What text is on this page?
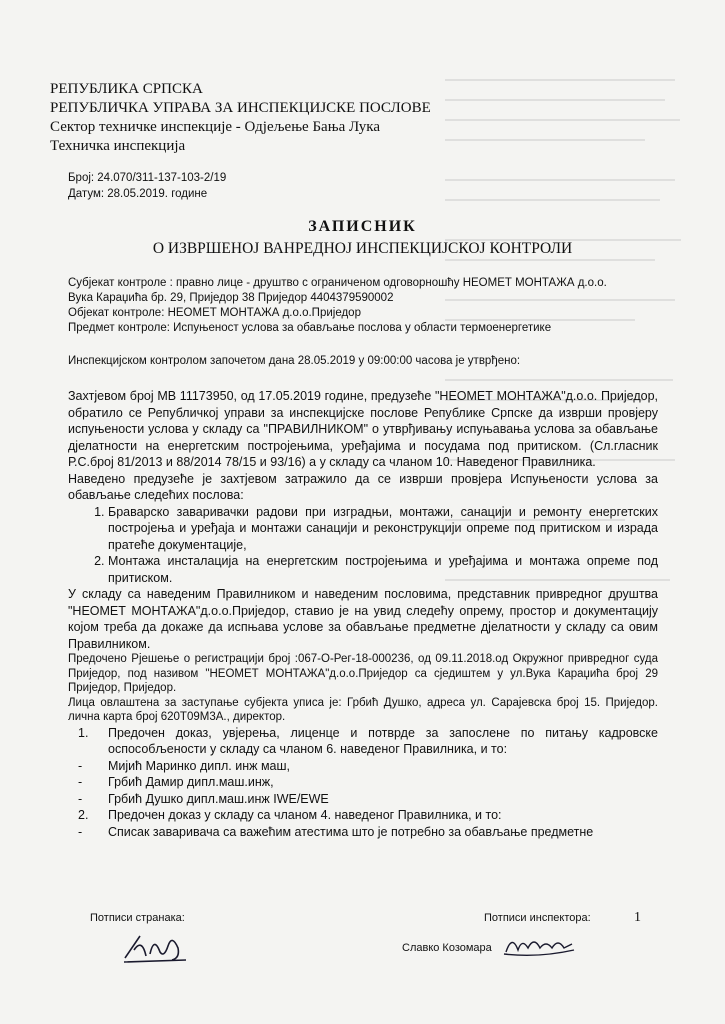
РЕПУБЛИКА СРПСКА
РЕПУБЛИЧКА УПРАВА ЗА ИНСПЕКЦИЈСКЕ ПОСЛОВЕ
Сектор техничке инспекције - Одјељење Бања Лука
Техничка инспекција
Број: 24.070/311-137-103-2/19
Датум: 28.05.2019. године
ЗАПИСНИК
О ИЗВРШЕНОЈ ВАНРЕДНОЈ ИНСПЕКЦИЈСКОЈ КОНТРОЛИ
Субјекат контроле : правно лице - друштво с ограниченом одговорношћу НЕОМЕТ МОНТАЖА д.о.о.
Вука Караџића бр. 29, Приједор 38 Приједор 4404379590002
Објекат контроле: НЕОМЕТ МОНТАЖА д.о.о.Приједор
Предмет контроле: Испуњеност услова за обављање послова у области термоенергетике
Инспекцијском контролом започетом дана 28.05.2019 у 09:00:00 часова је утврђено:

Захтјевом број МВ 11173950, од 17.05.2019 године, предузеће "НЕОМЕТ МОНТАЖА"д.о.о. Приједор, обратило се Републичкој управи за инспекцијске послове Републике Српске да изврши провјеру испуњености услова у складу са "ПРАВИЛНИКОМ" о утврђивању испуњавања услова за обављање дјелатности на енергетским постројењима, уређајима и посудама под притиском. (Сл.гласник Р.С.број 81/2013 и 88/2014 78/15 и 93/16) а у складу са чланом 10. Наведеног Правилника.

Наведено предузеће је захтјевом затражило да се изврши провјера Испуњености услова за обављање следећих послова:

1. Браварско заваривачки радови при изградњи, монтажи, санацији и ремонту енергетских постројења и уређаја и монтажи санацији и реконструкцији опреме под притиском и израда пратеће документације,
2. Монтажа инсталација на енергетским постројењима и уређајима и монтажа опреме под притиском.

У складу са наведеним Правилником и наведеним пословима, представник привредног друштва "НЕОМЕТ МОНТАЖА"д.о.о.Приједор, ставио је на увид следећу опрему, простор и документацију којом треба да докаже да испњава услове за обављање предметне дјелатности у складу са овим Правилником.

Предочено Рјешење о регистрацији број :067-О-Рег-18-000236, од 09.11.2018.од Окружног привредног суда Приједор, под називом "НЕОМЕТ МОНТАЖА"д.о.о.Приједор са сједиштем у ул.Вука Караџића број 29 Приједор, Приједор.

Лица овлаштена за заступање субјекта уписа је: Грбић Душко, адреса ул. Сарајевска број 15. Приједор. лична карта број 620Т09М3А., директор.

1.	Предочен доказ, увјерења, лиценце и потврде за запослене по питању кадровске оспособљености у складу са чланом 6. наведеног Правилника, и то:
-	Мијић Маринко дипл. инж маш,
-	Грбић Дамир дипл.маш.инж,
-	Грбић Душко дипл.маш.инж IWE/EWE
2.	Предочен доказ у складу са чланом 4. наведеног Правилника, и то:
-	Списак заваривача са важећим атестима што је потребно за обављање предметне
Потписи странака:	Потписи инспектора:	1
Славко Козомара
